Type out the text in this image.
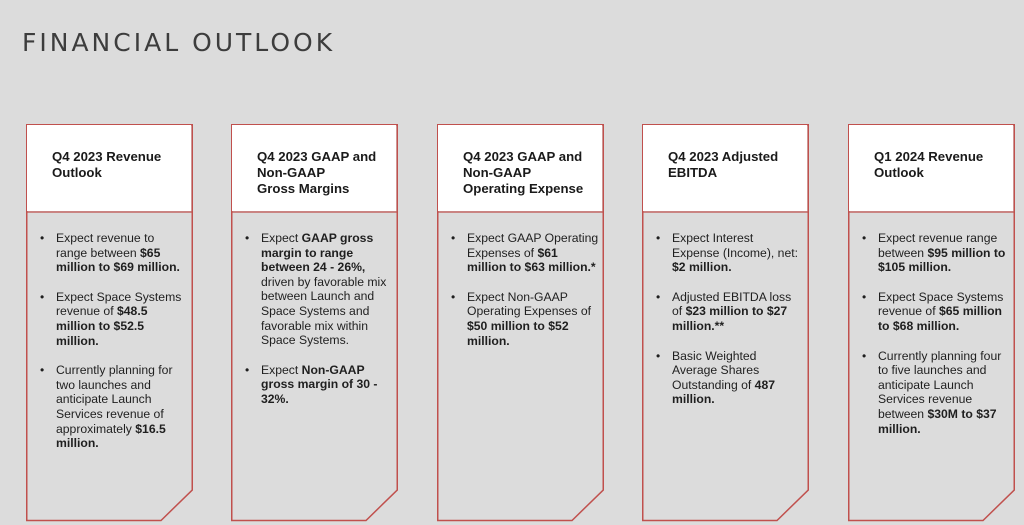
FINANCIAL OUTLOOK
Q4 2023 Revenue
Outlook
• Expect revenue to range between $65 million to $69 million.
• Expect Space Systems revenue of $48.5 million to $52.5 million.
• Currently planning for two launches and anticipate Launch Services revenue of approximately $16.5 million.
Q4 2023 GAAP and
Non-GAAP
Gross Margins
• Expect GAAP gross margin to range between 24 - 26%, driven by favorable mix between Launch and Space Systems and favorable mix within Space Systems.
• Expect Non-GAAP gross margin of 30 - 32%.
Q4 2023 GAAP and
Non-GAAP
Operating Expense
• Expect GAAP Operating Expenses of $61 million to $63 million.*
• Expect Non-GAAP Operating Expenses of $50 million to $52 million.
Q4 2023 Adjusted
EBITDA
• Expect Interest Expense (Income), net: $2 million.
• Adjusted EBITDA loss of $23 million to $27 million.**
• Basic Weighted Average Shares Outstanding of 487 million.
Q1 2024 Revenue
Outlook
• Expect revenue range between $95 million to $105 million.
• Expect Space Systems revenue of $65 million to $68 million.
• Currently planning four to five launches and anticipate Launch Services revenue between $30M to $37 million.
